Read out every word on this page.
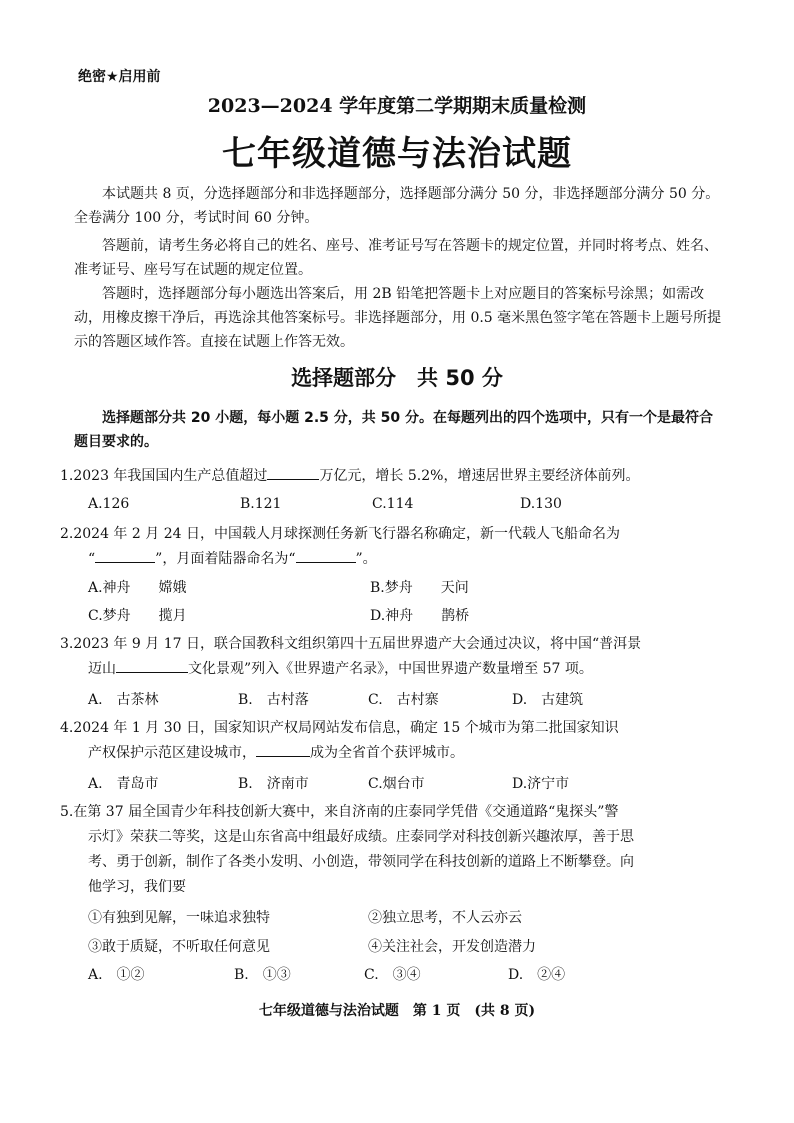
绝密★启用前
2023—2024 学年度第二学期期末质量检测
七年级道德与法治试题
本试题共 8 页，分选择题部分和非选择题部分，选择题部分满分 50 分，非选择题部分满分 50 分。全卷满分 100 分，考试时间 60 分钟。
答题前，请考生务必将自己的姓名、座号、准考证号写在答题卡的规定位置，并同时将考点、姓名、准考证号、座号写在试题的规定位置。
答题时，选择题部分每小题选出答案后，用 2B 铅笔把答题卡上对应题目的答案标号涂黑；如需改动，用橡皮擦干净后，再选涂其他答案标号。非选择题部分，用 0.5 毫米黑色签字笔在答题卡上题号所提示的答题区域作答。直接在试题上作答无效。
选择题部分　共 50 分
选择题部分共 20 小题，每小题 2.5 分，共 50 分。在每题列出的四个选项中，只有一个是最符合题目要求的。
1.2023 年我国国内生产总值超过	万亿元，增长 5.2%，增速居世界主要经济体前列。
A.126	B.121	C.114	D.130
2.2024 年 2 月 24 日，中国载人月球探测任务新飞行器名称确定，新一代载人飞船命名为
“	”，月面着陆器命名为“	”。
A.神舟　　嫦娥	B.梦舟　　天问
C.梦舟　　揽月	D.神舟　　鹊桥
3.2023 年 9 月 17 日，联合国教科文组织第四十五届世界遗产大会通过决议，将中国“普洱景
迈山	文化景观”列入《世界遗产名录》，中国世界遗产数量增至 57 项。
A.　古茶林	B.　古村落	C.　古村寨	D.　古建筑
4.2024 年 1 月 30 日，国家知识产权局网站发布信息，确定 15 个城市为第二批国家知识
产权保护示范区建设城市，	成为全省首个获评城市。
A.　青岛市	B.　济南市	C.烟台市	D.济宁市
5.在第 37 届全国青少年科技创新大赛中，来自济南的庄泰同学凭借《交通道路“鬼探头”警
示灯》荣获二等奖，这是山东省高中组最好成绩。庄泰同学对科技创新兴趣浓厚，善于思
考、勇于创新，制作了各类小发明、小创造，带领同学在科技创新的道路上不断攀登。向
他学习，我们要
①有独到见解，一味追求独特	②独立思考，不人云亦云
③敢于质疑，不听取任何意见	④关注社会，开发创造潜力
A.　①②	B.　①③	C.　③④	D.　②④
七年级道德与法治试题　第 1 页　(共 8 页)
